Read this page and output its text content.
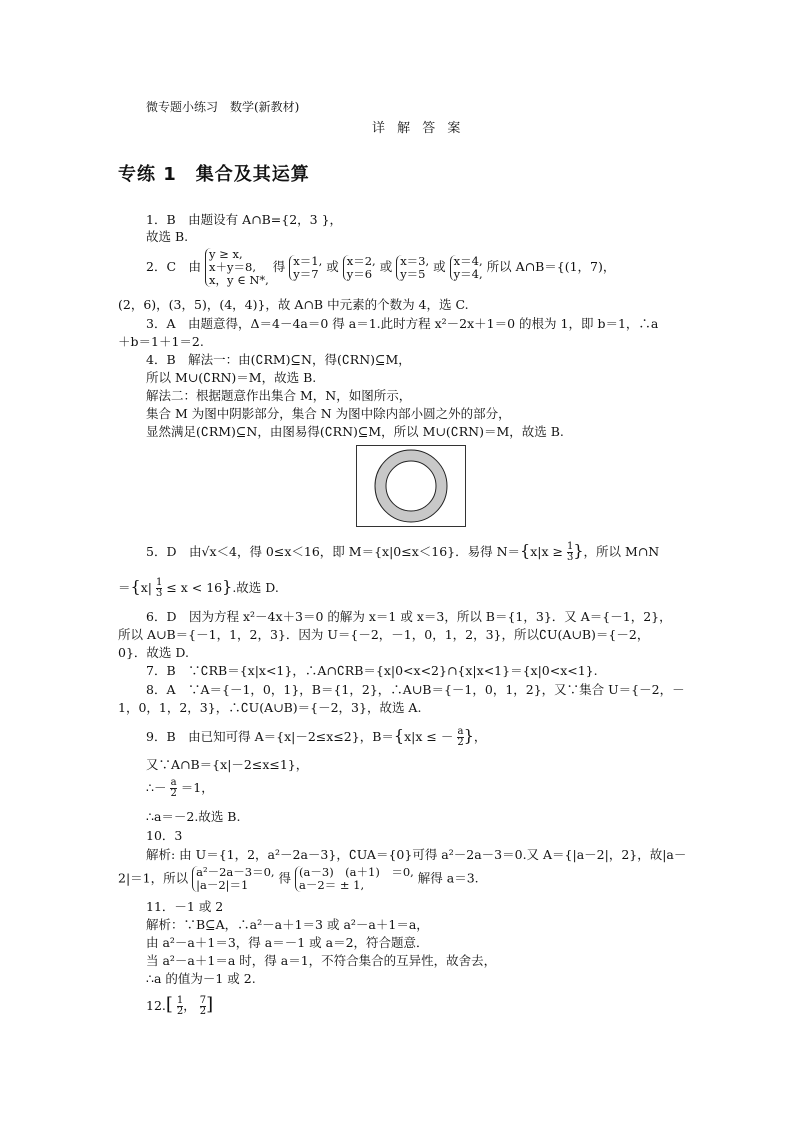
微专题小练习　数学(新教材)
详 解 答 案
专练 1　集合及其运算
1．B　由题设有 A∩B={2，3 }，
故选 B.
2．C　由
y ≥ x,
x＋y＝8,
x，y ∈ N*,
得 x＝1,
y＝7 或 x＝2,
y＝6 或 x＝3,
y＝5 或 x＝4,
y＝4, 所以 A∩B＝{(1，7)，
(2，6)，(3，5)，(4，4)}，故 A∩B 中元素的个数为 4，选 C.
3．A　由题意得，Δ＝4－4a＝0 得 a＝1.此时方程 x²－2x＋1＝0 的根为 1，即 b＝1，∴a
＋b＝1＋1＝2.
4．B　解法一：由(∁RM)⊆N，得(∁RN)⊆M，
所以 M∪(∁RN)＝M，故选 B.
解法二：根据题意作出集合 M，N，如图所示，
集合 M 为图中阴影部分，集合 N 为图中除内部小圆之外的部分，
显然满足(∁RM)⊆N，由图易得(∁RN)⊆M，所以 M∪(∁RN)＝M，故选 B.
5．D　由√x＜4，得 0≤x＜16，即 M＝{x|0≤x＜16}．易得 $N=\{x|x \ge \frac{1}{3}$ }，所以 M∩N
$=\{x| \frac{1}{3} \le x < 16\}$.故选 D.
6．D　因为方程 x²－4x＋3＝0 的解为 x＝1 或 x＝3，所以 B＝{1，3}．又 A＝{－1，2}，
所以 A∪B＝{－1，1，2，3}．因为 U＝{－2，－1，0，1，2，3}，所以∁U(A∪B)＝{－2，
0}．故选 D.
7．B　∵∁RB＝{x|x<1}，∴A∩∁RB＝{x|0<x<2}∩{x|x<1}＝{x|0<x<1}.
8．A　∵A＝{－1，0，1}，B＝{1，2}，∴A∪B＝{－1，0，1，2}，又∵集合 U＝{－2，－
1，0，1，2，3}，∴∁U(A∪B)＝{－2，3}，故选 A.
9．B　由已知可得 A＝{x|－2≤x≤2}，B＝{x|x ≤ － $\frac{a}{2}$ }，
又∵A∩B＝{x|－2≤x≤1}，
∴－ $\frac{a}{2} =1$，
∴a＝－2.故选 B.
10．3
解析: 由 U＝{1，2，a²－2a－3}，∁UA＝{0}可得 a²－2a－3＝0.又 A＝{|a－2|，2}，故|a－
2|＝1，所以 a²－2a－3＝0,
|a－2|＝1	得 (a－3)　(a＋1)　＝0,
a－2＝ ± 1,	解得 a＝3.
11．－1 或 2
解析：∵B⊆A，∴a²－a＋1＝3 或 a²－a＋1＝a，
由 a²－a＋1＝3，得 a＝－1 或 a＝2，符合题意．
当 a²－a＋1＝a 时，得 a＝1，不符合集合的互异性，故舍去，
∴a 的值为－1 或 2.
$12.[ \frac{1}{2}$ ， $\frac{7}{2}$ ]
